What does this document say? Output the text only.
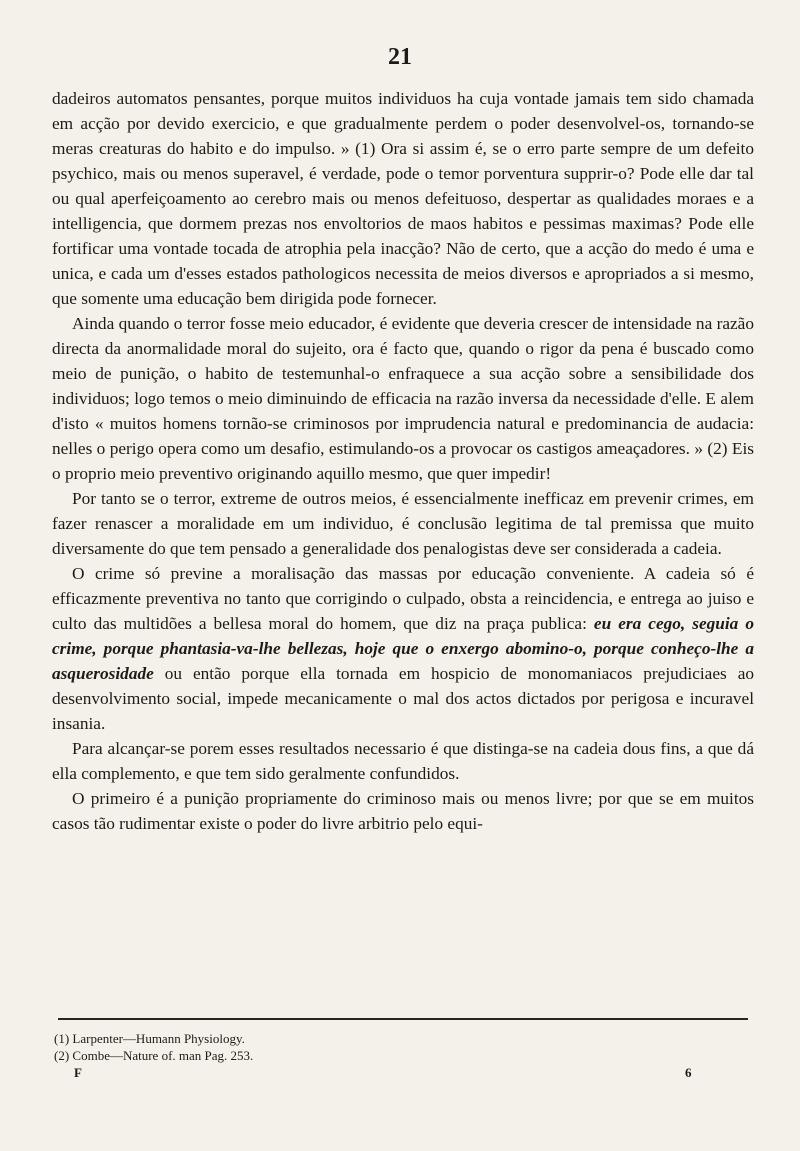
21

dadeiros automatos pensantes, porque muitos individuos ha cuja vontade jamais tem sido chamada em acção por devido exercicio, e que gradualmente perdem o poder desenvolvel-os, tornando-se meras creaturas do habito e do impulso. » (1) Ora si assim é, se o erro parte sempre de um defeito psychico, mais ou menos superavel, é verdade, pode o temor porventura supprir-o? Pode elle dar tal ou qual aperfeiçoamento ao cerebro mais ou menos defeituoso, despertar as qualidades moraes e a intelligencia, que dormem prezas nos envoltorios de maos habitos e pessimas maximas? Pode elle fortificar uma vontade tocada de atrophia pela inacção? Não de certo, que a acção do medo é uma e unica, e cada um d'esses estados pathologicos necessita de meios diversos e apropriados a si mesmo, que somente uma educação bem dirigida pode fornecer.

Ainda quando o terror fosse meio educador, é evidente que deveria crescer de intensidade na razão directa da anormalidade moral do sujeito, ora é facto que, quando o rigor da pena é buscado como meio de punição, o habito de testemunhal-o enfraquece a sua acção sobre a sensibilidade dos individuos; logo temos o meio diminuindo de efficacia na razão inversa da necessidade d'elle. E alem d'isto « muitos homens tornão-se criminosos por imprudencia natural e predominancia de audacia: nelles o perigo opera como um desafio, estimulando-os a provocar os castigos ameaçadores. » (2) Eis o proprio meio preventivo originando aquillo mesmo, que quer impedir!

Por tanto se o terror, extreme de outros meios, é essencialmente inefficaz em prevenir crimes, em fazer renascer a moralidade em um individuo, é conclusão legitima de tal premissa que muito diversamente do que tem pensado a generalidade dos penalogistas deve ser considerada a cadeia.

O crime só previne a moralisação das massas por educação conveniente. A cadeia só é efficazmente preventiva no tanto que corrigindo o culpado, obsta a reincidencia, e entrega ao juiso e culto das multidões a bellesa moral do homem, que diz na praça publica: eu era cego, seguia o crime, porque phantasia-va-lhe bellezas, hoje que o enxergo abomino-o, porque conheço-lhe a asquerosidade ou então porque ella tornada em hospicio de monomaniacos prejudiciaes ao desenvolvimento social, impede mecanicamente o mal dos actos dictados por perigosa e incuravel insania.

Para alcançar-se porem esses resultados necessario é que distinga-se na cadeia dous fins, a que dá ella complemento, e que tem sido geralmente confundidos.

O primeiro é a punição propriamente do criminoso mais ou menos livre; por que se em muitos casos tão rudimentar existe o poder do livre arbitrio pelo equi-

(1) Larpenter—Humann Physiology.
(2) Combe—Nature of. man Pag. 253.
F	6
